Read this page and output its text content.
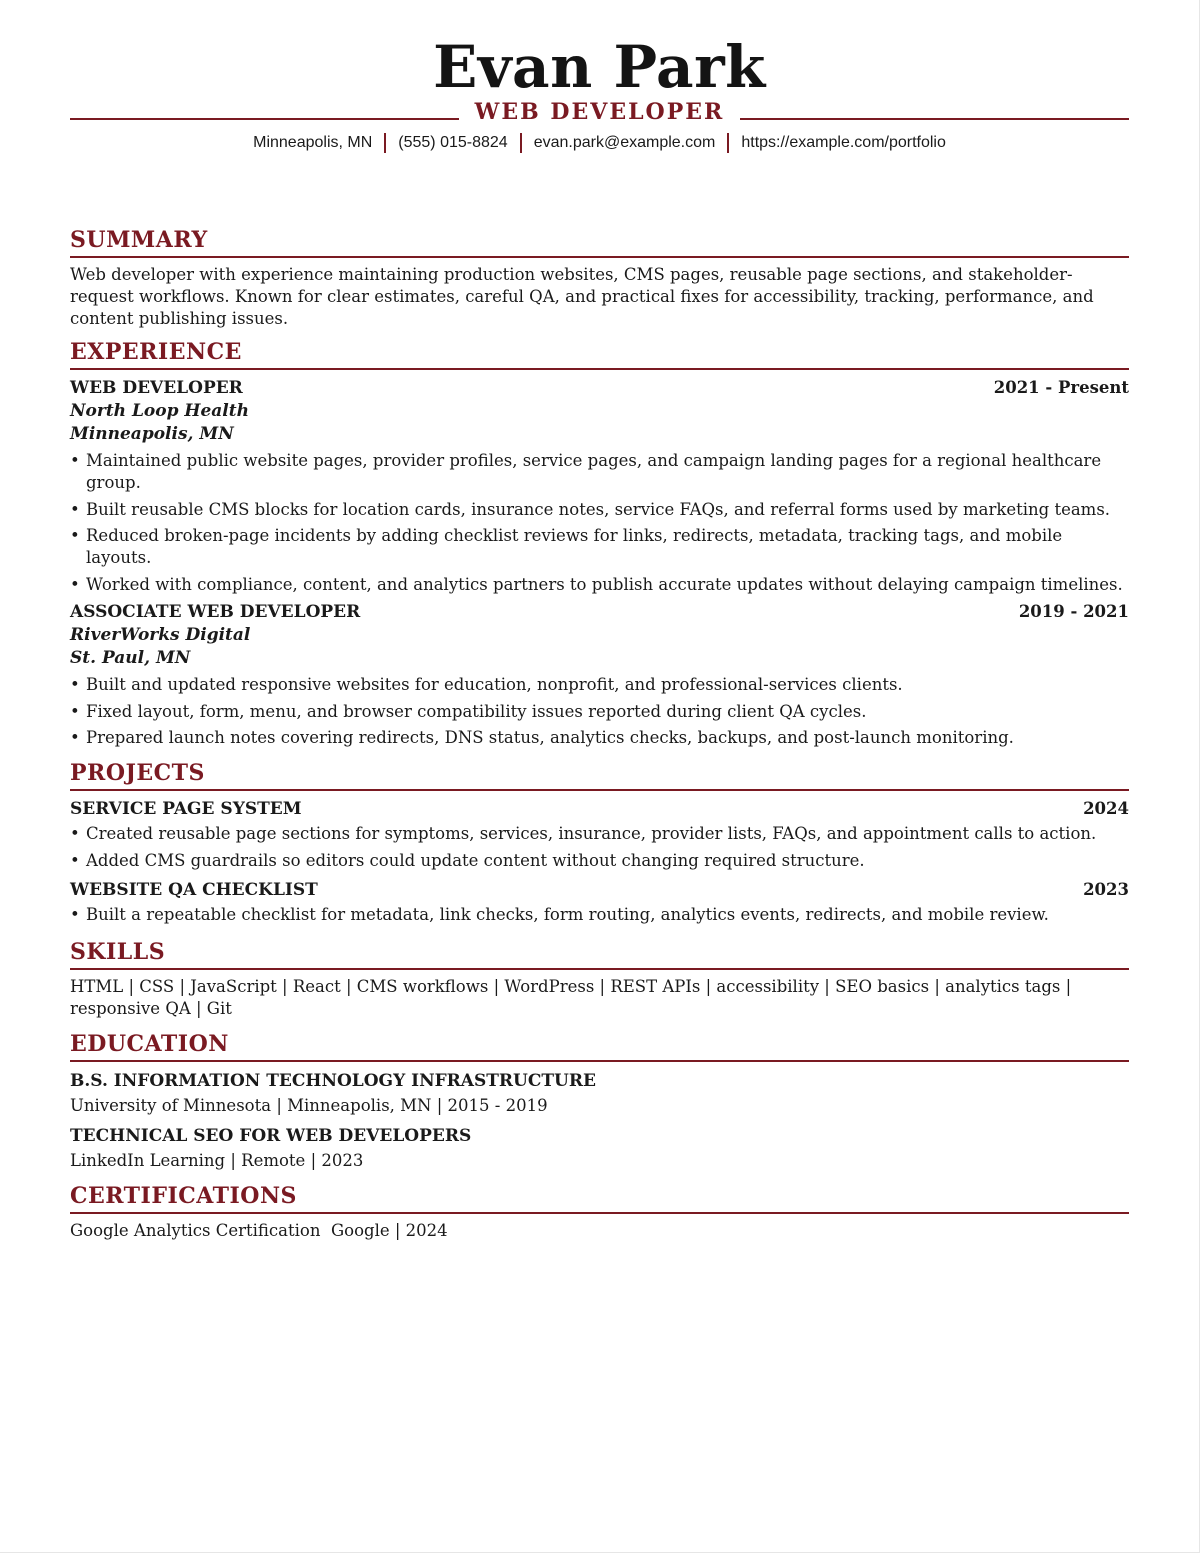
Evan Park
WEB DEVELOPER
Minneapolis, MN (555) 015-8824 evan.park@example.com https://example.com/portfolio
SUMMARY
Web developer with experience maintaining production websites, CMS pages, reusable page sections, and stakeholder-request workflows. Known for clear estimates, careful QA, and practical fixes for accessibility, tracking, performance, and content publishing issues.
EXPERIENCE
WEB DEVELOPER	2021 - Present
North Loop Health
Minneapolis, MN
• Maintained public website pages, provider profiles, service pages, and campaign landing pages for a regional healthcare group.
• Built reusable CMS blocks for location cards, insurance notes, service FAQs, and referral forms used by marketing teams.
• Reduced broken-page incidents by adding checklist reviews for links, redirects, metadata, tracking tags, and mobile layouts.
• Worked with compliance, content, and analytics partners to publish accurate updates without delaying campaign timelines.
ASSOCIATE WEB DEVELOPER	2019 - 2021
RiverWorks Digital
St. Paul, MN
• Built and updated responsive websites for education, nonprofit, and professional-services clients.
• Fixed layout, form, menu, and browser compatibility issues reported during client QA cycles.
• Prepared launch notes covering redirects, DNS status, analytics checks, backups, and post-launch monitoring.
PROJECTS
SERVICE PAGE SYSTEM	2024
• Created reusable page sections for symptoms, services, insurance, provider lists, FAQs, and appointment calls to action.
• Added CMS guardrails so editors could update content without changing required structure.
WEBSITE QA CHECKLIST	2023
• Built a repeatable checklist for metadata, link checks, form routing, analytics events, redirects, and mobile review.
SKILLS
HTML | CSS | JavaScript | React | CMS workflows | WordPress | REST APIs | accessibility | SEO basics | analytics tags | responsive QA | Git
EDUCATION
B.S. INFORMATION TECHNOLOGY INFRASTRUCTURE
University of Minnesota | Minneapolis, MN | 2015 - 2019
TECHNICAL SEO FOR WEB DEVELOPERS
LinkedIn Learning | Remote | 2023
CERTIFICATIONS
Google Analytics Certification  Google | 2024
